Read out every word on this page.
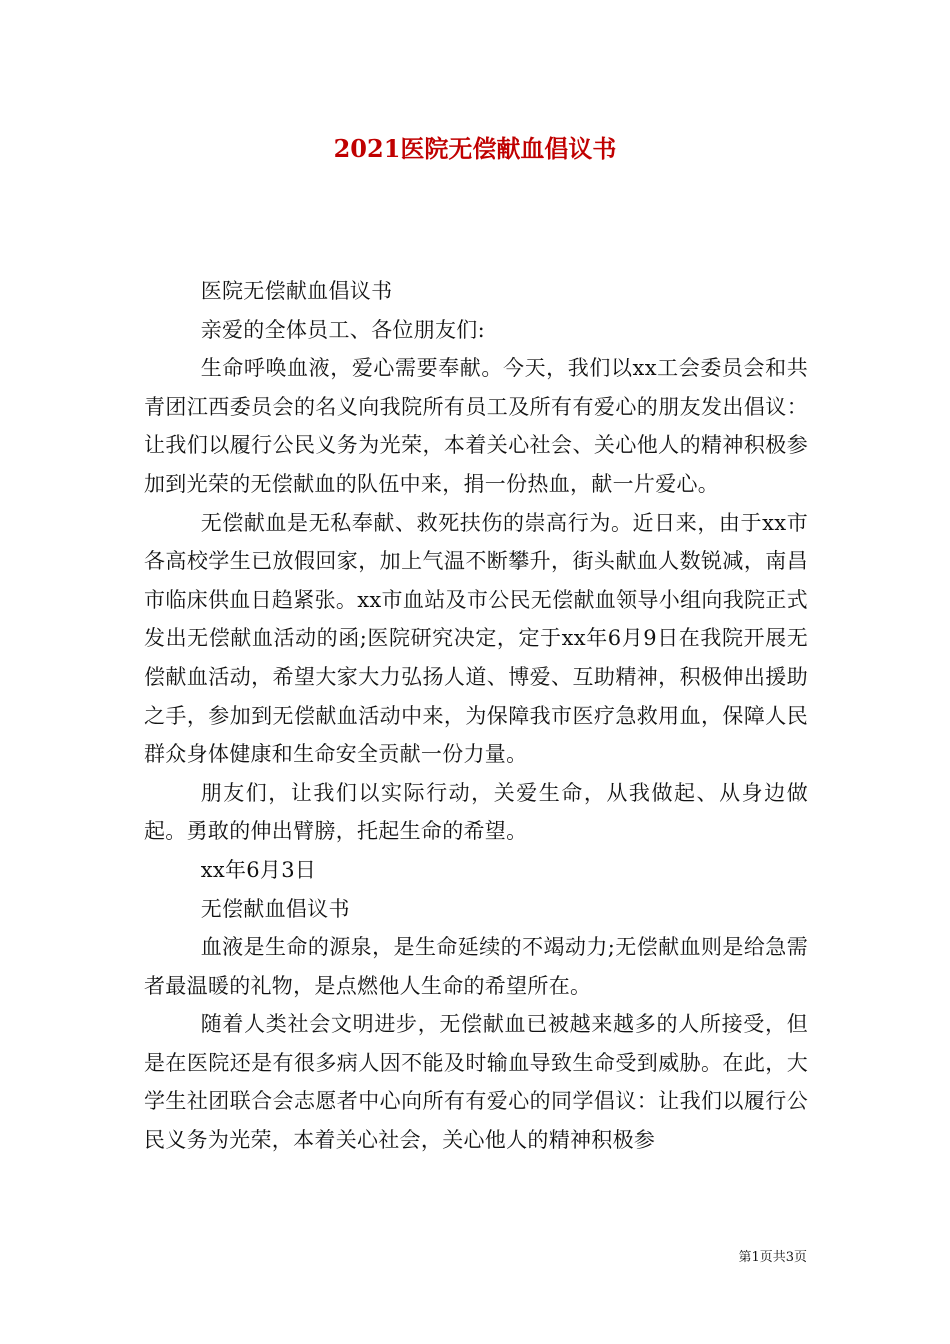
2021医院无偿献血倡议书

医院无偿献血倡议书

亲爱的全体员工、各位朋友们:

生命呼唤血液，爱心需要奉献。今天，我们以xx工会委员会和共青团江西委员会的名义向我院所有员工及所有有爱心的朋友发出倡议：让我们以履行公民义务为光荣，本着关心社会、关心他人的精神积极参加到光荣的无偿献血的队伍中来，捐一份热血，献一片爱心。

无偿献血是无私奉献、救死扶伤的崇高行为。近日来，由于xx市各高校学生已放假回家，加上气温不断攀升，街头献血人数锐减，南昌市临床供血日趋紧张。xx市血站及市公民无偿献血领导小组向我院正式发出无偿献血活动的函;医院研究决定，定于xx年6月9日在我院开展无偿献血活动，希望大家大力弘扬人道、博爱、互助精神，积极伸出援助之手，参加到无偿献血活动中来，为保障我市医疗急救用血，保障人民群众身体健康和生命安全贡献一份力量。

朋友们，让我们以实际行动，关爱生命，从我做起、从身边做起。勇敢的伸出臂膀，托起生命的希望。

xx年6月3日

无偿献血倡议书

血液是生命的源泉，是生命延续的不竭动力;无偿献血则是给急需者最温暖的礼物，是点燃他人生命的希望所在。

随着人类社会文明进步，无偿献血已被越来越多的人所接受，但是在医院还是有很多病人因不能及时输血导致生命受到威胁。在此，大学生社团联合会志愿者中心向所有有爱心的同学倡议：让我们以履行公民义务为光荣，本着关心社会，关心他人的精神积极参

第1页共3页
